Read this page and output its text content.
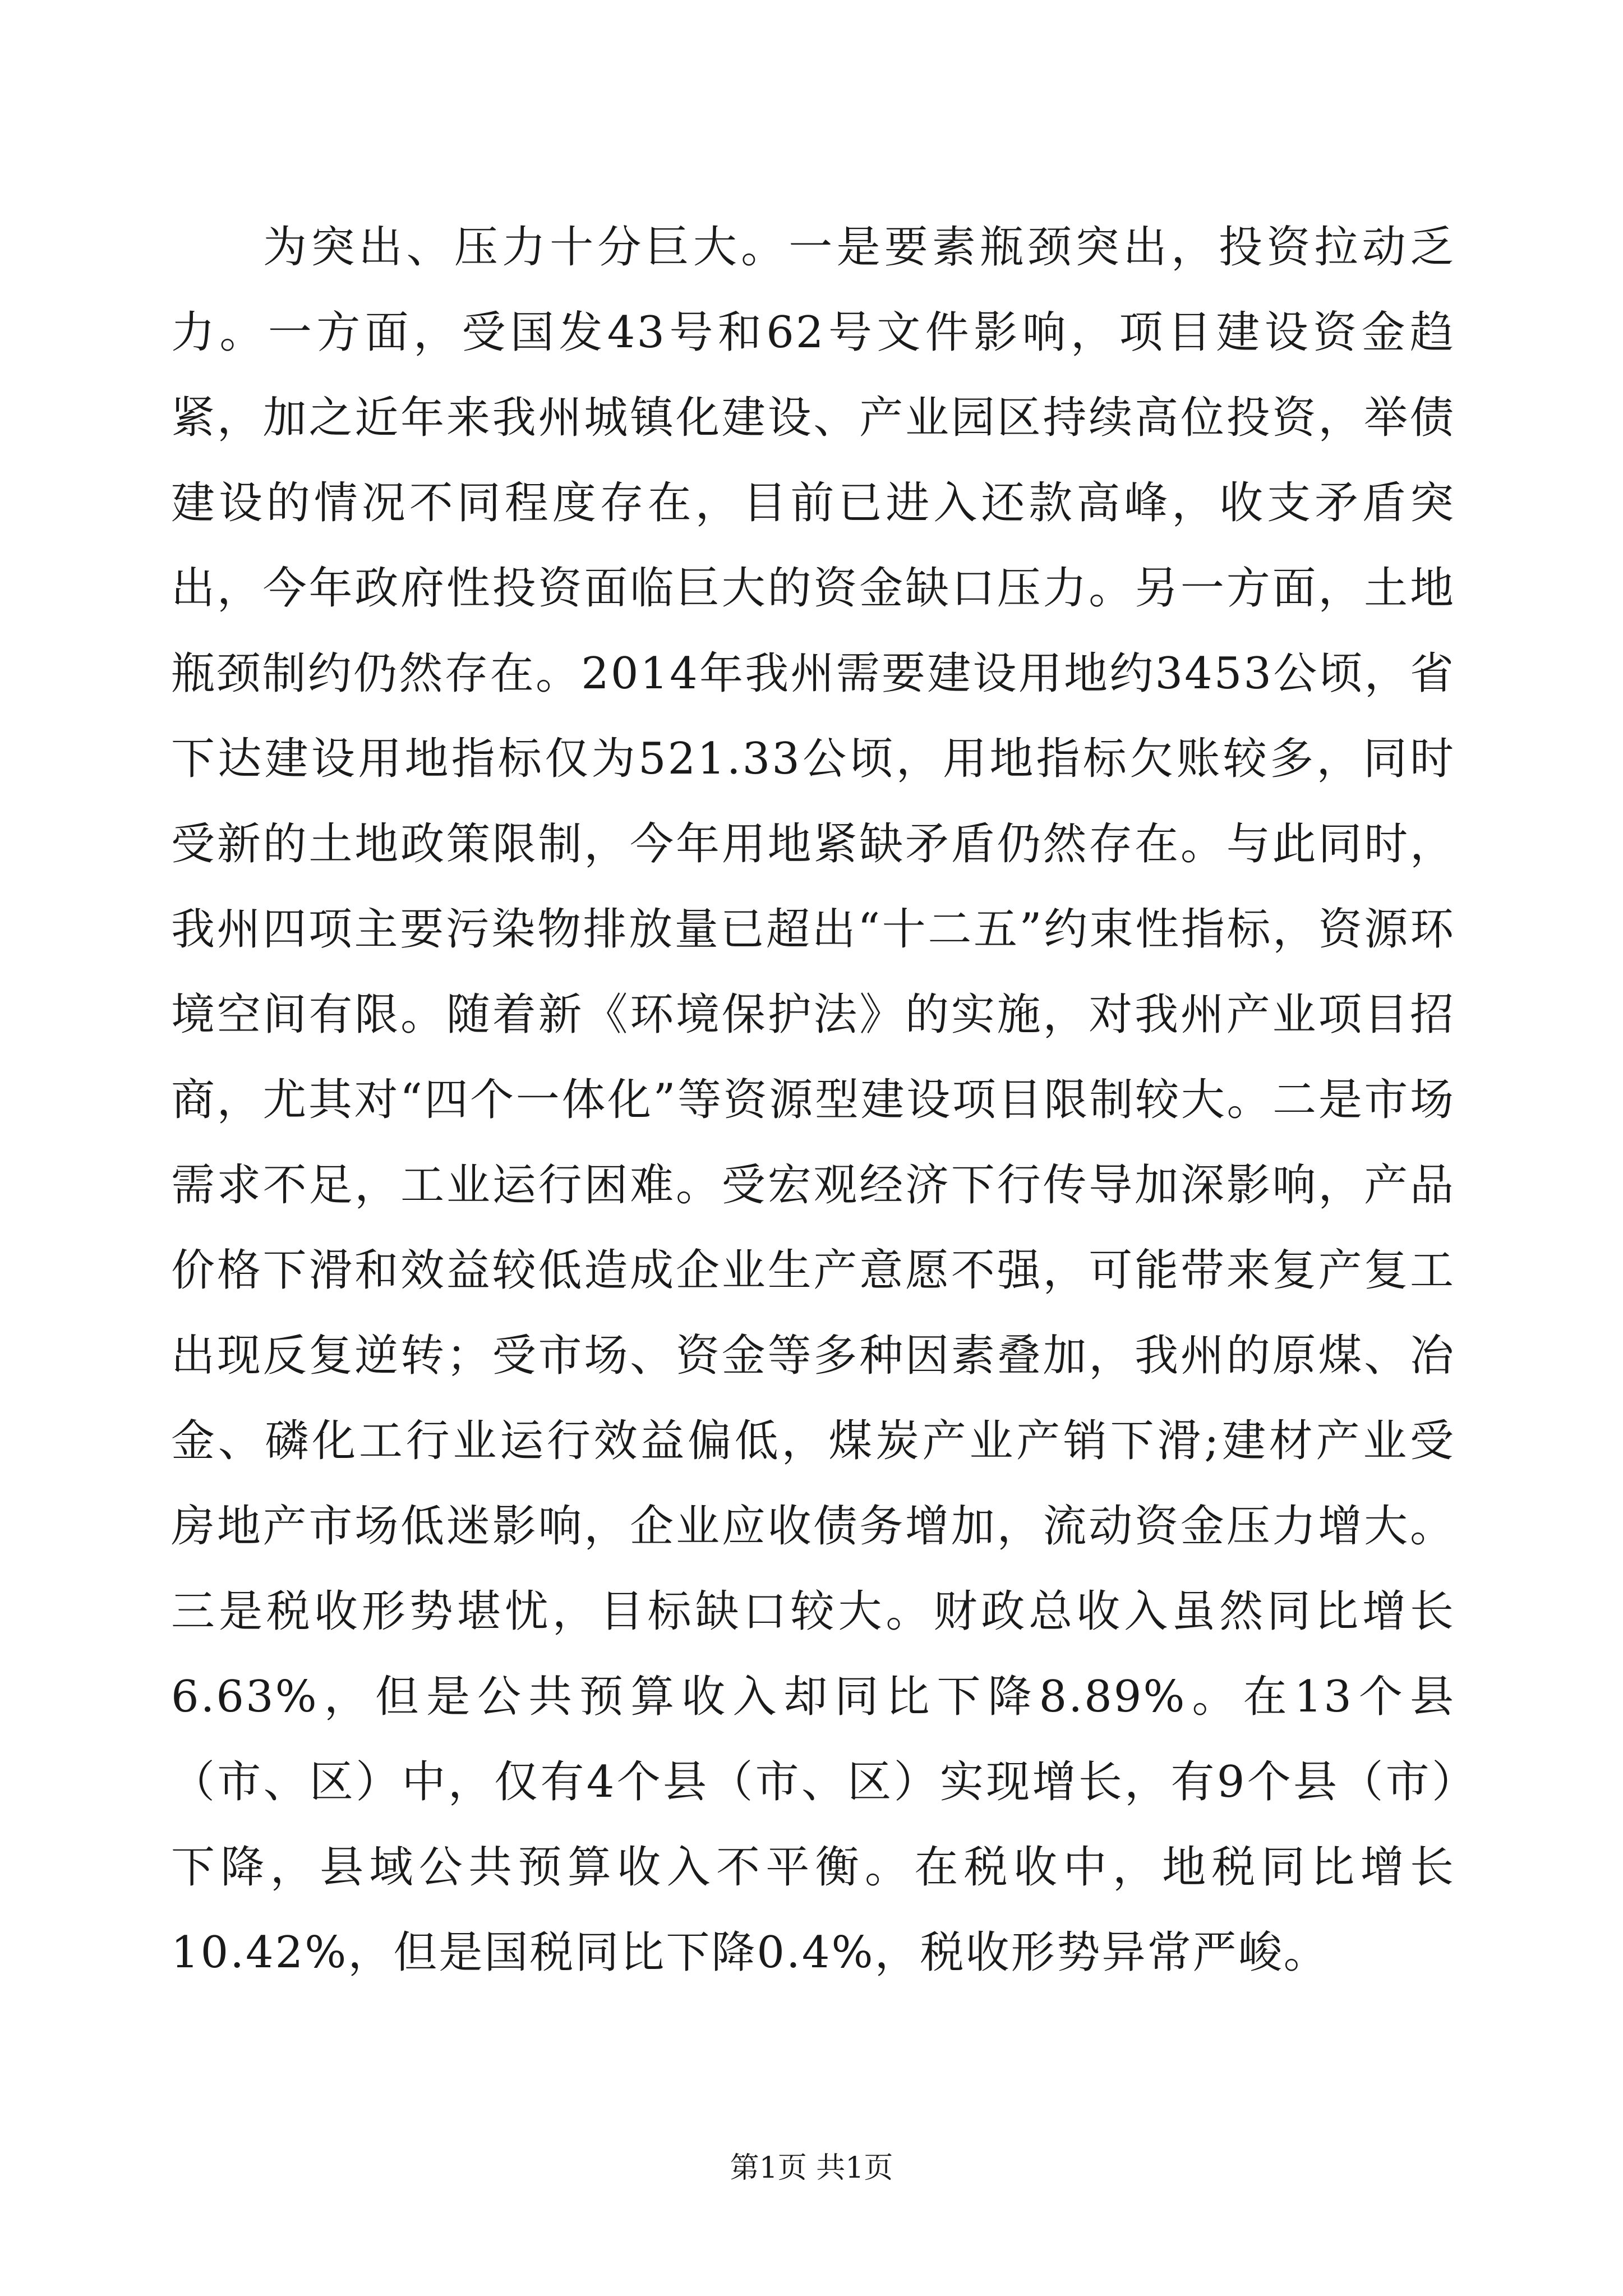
为突出、压力十分巨大。一是要素瓶颈突出，投资拉动乏力。一方面，受国发43号和62号文件影响，项目建设资金趋紧，加之近年来我州城镇化建设、产业园区持续高位投资，举债建设的情况不同程度存在，目前已进入还款高峰，收支矛盾突出，今年政府性投资面临巨大的资金缺口压力。另一方面，土地瓶颈制约仍然存在。2014年我州需要建设用地约3453公顷，省下达建设用地指标仅为521.33公顷，用地指标欠账较多，同时受新的土地政策限制，今年用地紧缺矛盾仍然存在。与此同时，我州四项主要污染物排放量已超出“十二五”约束性指标，资源环境空间有限。随着新《环境保护法》的实施，对我州产业项目招商，尤其对“四个一体化”等资源型建设项目限制较大。二是市场需求不足，工业运行困难。受宏观经济下行传导加深影响，产品价格下滑和效益较低造成企业生产意愿不强，可能带来复产复工出现反复逆转；受市场、资金等多种因素叠加，我州的原煤、冶金、磷化工行业运行效益偏低，煤炭产业产销下滑;建材产业受房地产市场低迷影响，企业应收债务增加，流动资金压力增大。三是税收形势堪忧，目标缺口较大。财政总收入虽然同比增长6.63%，但是公共预算收入却同比下降8.89%。在13个县（市、区）中，仅有4个县（市、区）实现增长，有9个县（市）下降，县域公共预算收入不平衡。在税收中，地税同比增长10.42%，但是国税同比下降0.4%，税收形势异常严峻。

第1页 共1页
